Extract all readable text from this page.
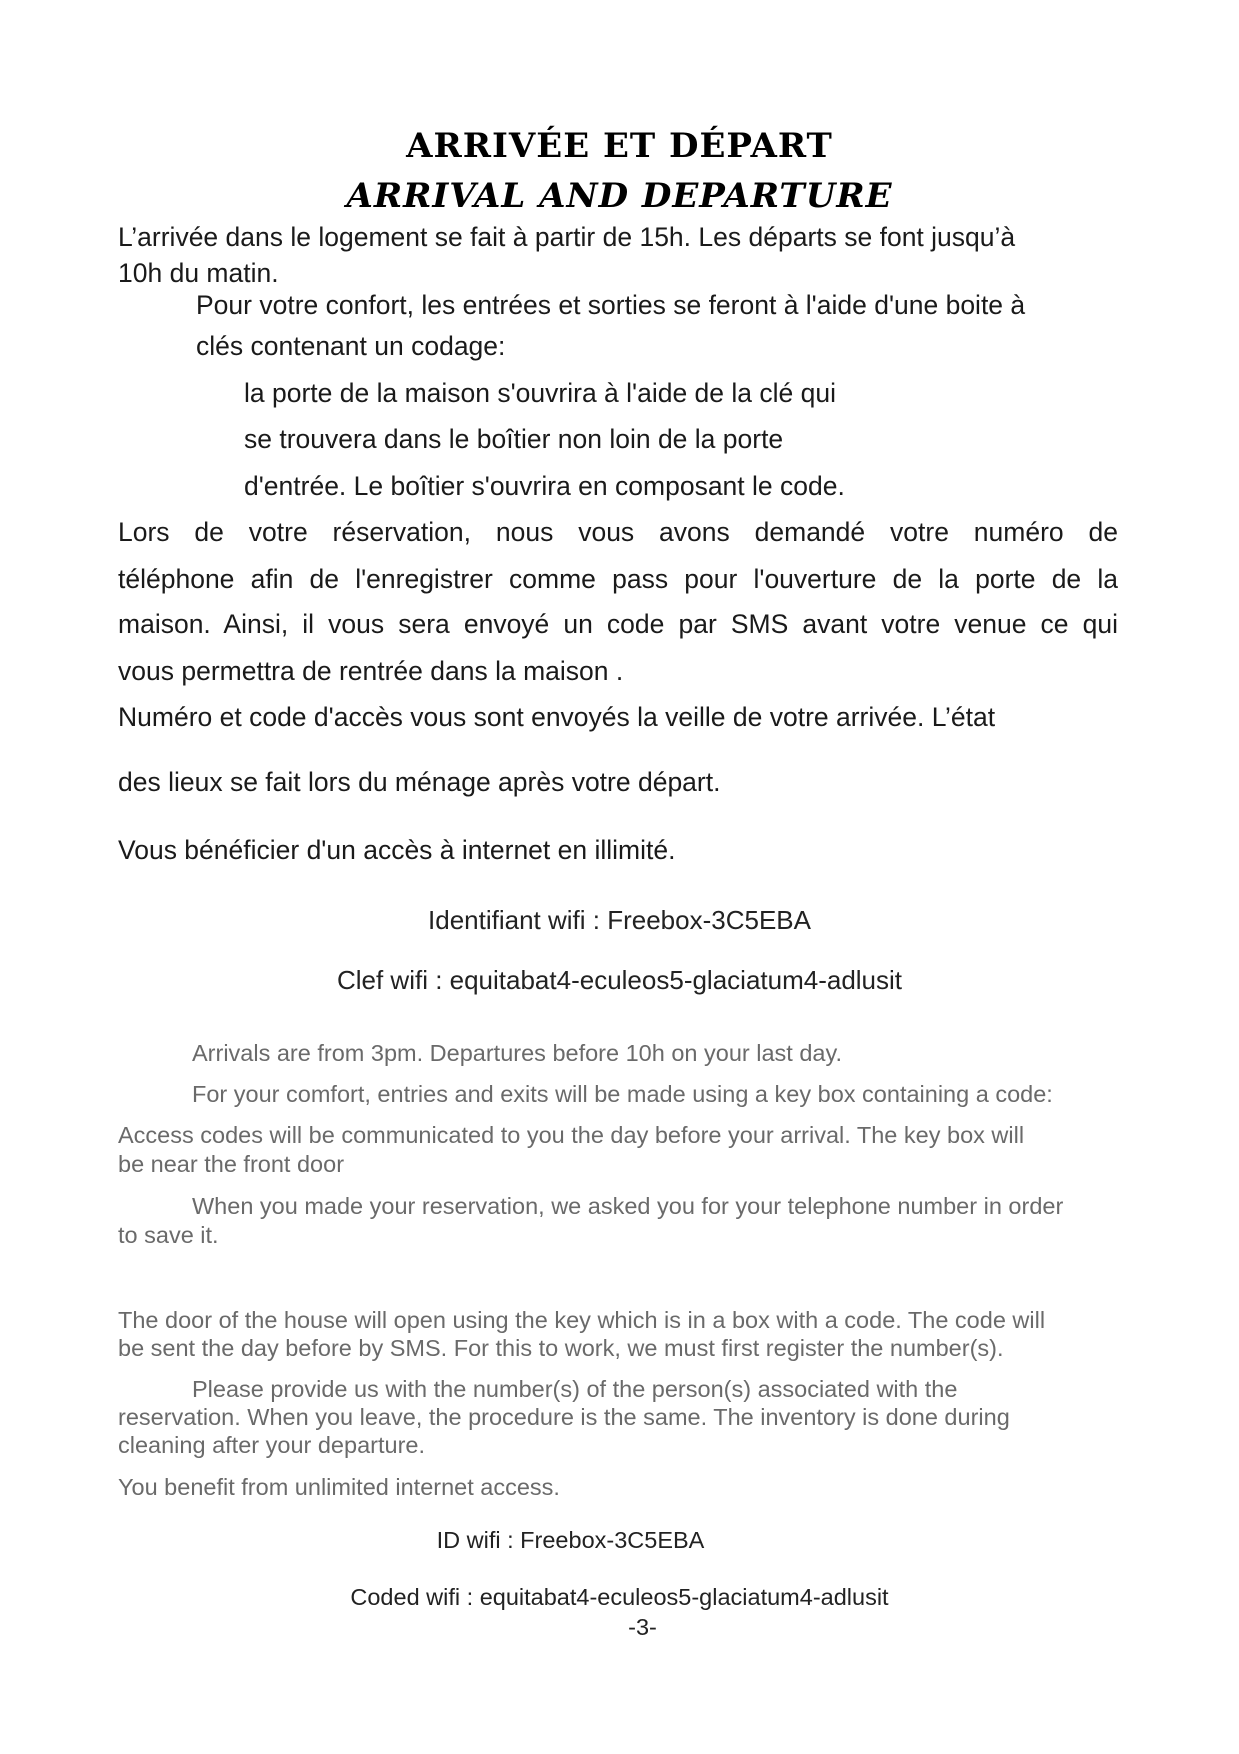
ARRIVÉE ET DÉPART
ARRIVAL AND DEPARTURE
L’arrivée dans le logement se fait à partir de 15h. Les départs se font jusqu’à
10h du matin.
Pour votre confort, les entrées et sorties se feront à l'aide d'une boite à
clés contenant un codage:
la porte de la maison s'ouvrira à l'aide de la clé qui
se trouvera dans le boîtier non loin de la porte
d'entrée. Le boîtier s'ouvrira en composant le code.
Lors de votre réservation, nous vous avons demandé votre numéro de
téléphone afin de l'enregistrer comme pass pour l'ouverture de la porte de la
maison. Ainsi, il vous sera envoyé un code par SMS avant votre venue ce qui
vous permettra de rentrée dans la maison .
Numéro et code d'accès vous sont envoyés la veille de votre arrivée. L’état
des lieux se fait lors du ménage après votre départ.
Vous bénéficier d'un accès à internet en illimité.
Identifiant wifi : Freebox-3C5EBA
Clef wifi : equitabat4-eculeos5-glaciatum4-adlusit
Arrivals are from 3pm. Departures before 10h on your last day.
For your comfort, entries and exits will be made using a key box containing a code:
Access codes will be communicated to you the day before your arrival. The key box will
be near the front door
When you made your reservation, we asked you for your telephone number in order
to save it.
The door of the house will open using the key which is in a box with a code. The code will
be sent the day before by SMS. For this to work, we must first register the number(s).
Please provide us with the number(s) of the person(s) associated with the
reservation. When you leave, the procedure is the same. The inventory is done during
cleaning after your departure.
You benefit from unlimited internet access.
ID wifi : Freebox-3C5EBA
Coded wifi : equitabat4-eculeos5-glaciatum4-adlusit
-3-
